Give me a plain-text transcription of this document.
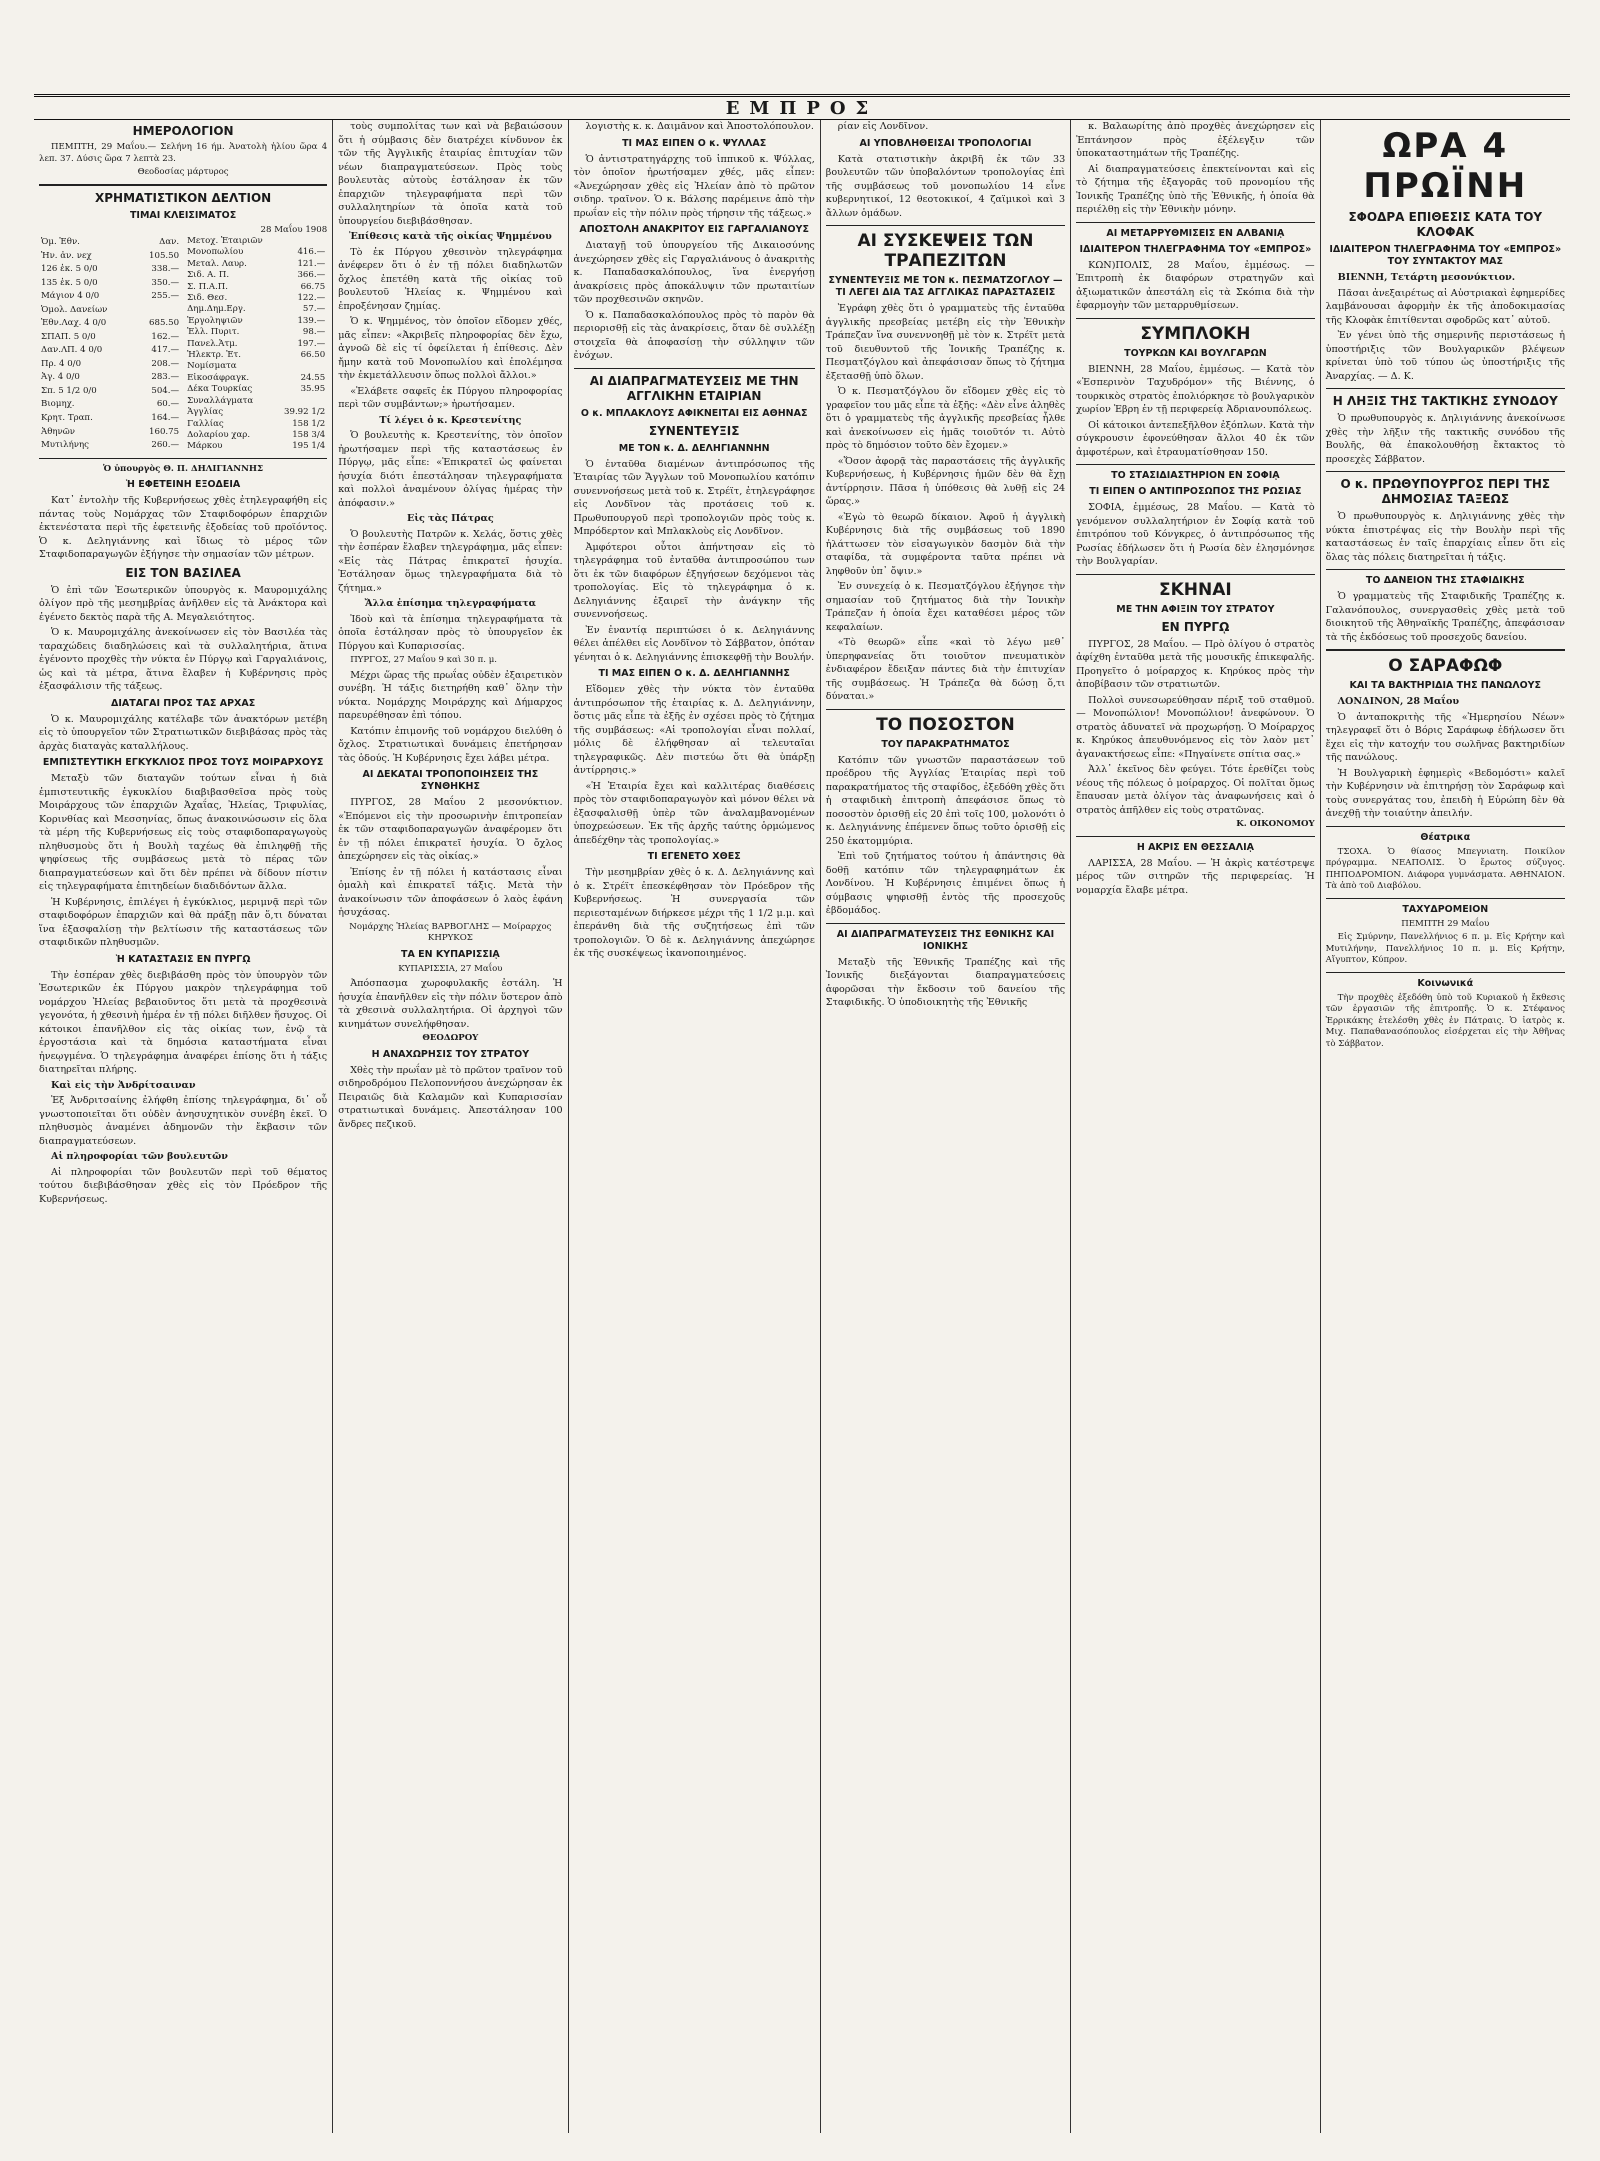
ΕΜΠΡΟΣ
ΗΜΕΡΟΛΟΓΙΟΝ

ΠΕΜΠΤΗ, 29 Μαΐου.— Σελήνη 16 ήμ. Ἀνατολὴ ἡλίου ὥρα 4 λεπ. 37. Δύσις ὥρα 7 λεπτὰ 23.

Θεοδοσίας μάρτυρος

ΧΡΗΜΑΤΙΣΤΙΚΟΝ ΔΕΛΤΙΟΝ
ΤΙΜΑΙ ΚΛΕΙΣΙΜΑΤΟΣ
28 Μαΐου 1908
Ὁμ. Ἐθν.	Δαν.
Ἠν. ἀν. νεχ	105.50
126 ἐκ. 5 0/0	338.—
135 ἐκ. 5 0/0	350.—
Μάγιον 4 0/0	255.—
Ὁμολ. Δανείων	
Ἐθν.Λαχ. 4 0/0	685.50
ΣΠΑΠ. 5 0/0	162.—
Δαν.ΛΠ. 4 0/0	417.—
Πρ. 4 0/0	208.—
Ἀγ. 4 0/0	283.—
Σπ. 5 1/2 0/0	504.—
Βιομηχ.	60.—
Κρητ. Τραπ.	164.—
Ἀθηνῶν	160.75
Μυτιλήνης	260.—
Μετοχ. Ἑταιριῶν	
Μονοπωλίου	416.—
Μεταλ. Λαυρ.	121.—
Σιδ. Α. Π.	366.—
Σ. Π.Α.Π.	66.75
Σιδ. Θεσ.	122.—
Δημ.Δημ.Εργ.	57.—
Ἐργοληψιῶν	139.—
Ἐλλ. Πυριτ.	98.—
Πανελ.Ἀτμ.	197.—
Ἠλεκτρ. Ἐτ.	66.50
Νομίσματα	
Εἰκοσάφραγκ.	24.55
Δέκα Τουρκίας	35.95
Συναλλάγματα	
Ἀγγλίας	39.92 1/2
Γαλλίας	158 1/2
Δολαρίου χαρ.	158 3/4
Μάρκου	195 1/4

Ὁ ὑπουργὸς Θ. Π. ΔΗΛΙΓΙΑΝΝΗΣ

Ἡ ΕΦΕΤΕΙΝΗ ΕΞΟΔΕΙΑ

Κατ᾽ ἐντολὴν τῆς Κυβερνήσεως χθὲς ἐτηλεγραφήθη εἰς πάντας τοὺς Νομάρχας τῶν Σταφιδοφόρων ἐπαρχιῶν ἐκτενέστατα περὶ τῆς ἐφετεινῆς ἐξοδείας τοῦ προϊόντος. Ὁ κ. Δεληγιάννης καὶ ἴδιως τὸ μέρος τῶν Σταφιδοπαραγωγῶν ἐξήγησε τὴν σημασίαν τῶν μέτρων.

ΕΙΣ ΤΟΝ ΒΑΣΙΛΕΑ

Ὁ ἐπὶ τῶν Ἐσωτερικῶν ὑπουργὸς κ. Μαυρομιχάλης ὀλίγον πρὸ τῆς μεσημβρίας ἀνῆλθεν εἰς τὰ Ἀνάκτορα καὶ ἐγένετο δεκτὸς παρὰ τῆς Α. Μεγαλειότητος.

Ὁ κ. Μαυρομιχάλης ἀνεκοίνωσεν εἰς τὸν Βασιλέα τὰς ταραχώδεις διαδηλώσεις καὶ τὰ συλλαλητήρια, ἅτινα ἐγένοντο προχθὲς τὴν νύκτα ἐν Πύργῳ καὶ Γαργαλιάνοις, ὡς καὶ τὰ μέτρα, ἅτινα ἔλαβεν ἡ Κυβέρνησις πρὸς ἐξασφάλισιν τῆς τάξεως.

ΔΙΑΤΑΓΑΙ ΠΡΟΣ ΤΑΣ ΑΡΧΑΣ

Ὁ κ. Μαυρομιχάλης κατέλαβε τῶν ἀνακτόρων μετέβη εἰς τὸ ὑπουργεῖον τῶν Στρατιωτικῶν διεβιβάσας πρὸς τὰς ἀρχὰς διαταγὰς καταλλήλους.

ΕΜΠΙΣΤΕΥΤΙΚΗ ΕΓΚΥΚΛΙΟΣ ΠΡΟΣ ΤΟΥΣ ΜΟΙΡΑΡΧΟΥΣ

Μεταξὺ τῶν διαταγῶν τούτων εἶναι ἡ διὰ ἐμπιστευτικῆς ἐγκυκλίου διαβιβασθεῖσα πρὸς τοὺς Μοιράρχους τῶν ἐπαρχιῶν Ἀχαΐας, Ἠλείας, Τριφυλίας, Κορινθίας καὶ Μεσσηνίας, ὅπως ἀνακοινώσωσιν εἰς ὅλα τὰ μέρη τῆς Κυβερνήσεως εἰς τοὺς σταφιδοπαραγωγοὺς πληθυσμοὺς ὅτι ἡ Βουλὴ ταχέως θὰ ἐπιληφθῇ τῆς ψηφίσεως τῆς συμβάσεως μετὰ τὸ πέρας τῶν διαπραγματεύσεων καὶ ὅτι δὲν πρέπει νὰ δίδουν πίστιν εἰς τηλεγραφήματα ἐπιτηδείων διαδιδόντων ἄλλα.

Ἡ Κυβέρνησις, ἐπιλέγει ἡ ἐγκύκλιος, μεριμνᾷ περὶ τῶν σταφιδοφόρων ἐπαρχιῶν καὶ θὰ πράξῃ πᾶν ὅ,τι δύναται ἵνα ἐξασφαλίσῃ τὴν βελτίωσιν τῆς καταστάσεως τῶν σταφιδικῶν πληθυσμῶν.

Ἡ ΚΑΤΑΣΤΑΣΙΣ ΕΝ ΠΥΡΓῼ

Τὴν ἑσπέραν χθὲς διεβιβάσθη πρὸς τὸν ὑπουργὸν τῶν Ἐσωτερικῶν ἐκ Πύργου μακρὸν τηλεγράφημα τοῦ νομάρχου Ἠλείας βεβαιοῦντος ὅτι μετὰ τὰ προχθεσινὰ γεγονότα, ἡ χθεσινὴ ἡμέρα ἐν τῇ πόλει διῆλθεν ἥσυχος. Οἱ κάτοικοι ἐπανῆλθον εἰς τὰς οἰκίας των, ἐνῷ τὰ ἐργοστάσια καὶ τὰ δημόσια καταστήματα εἶναι ἠνεῳγμένα. Ὁ τηλεγράφημα ἀναφέρει ἐπίσης ὅτι ἡ τάξις διατηρεῖται πλήρης.

Καὶ εἰς τὴν Ἀνδρίτσαιναν

Ἐξ Ἀνδριτσαίνης ἐλήφθη ἐπίσης τηλεγράφημα, δι᾽ οὗ γνωστοποιεῖται ὅτι οὐδὲν ἀνησυχητικὸν συνέβη ἐκεῖ. Ὁ πληθυσμὸς ἀναμένει ἀδημονῶν τὴν ἔκβασιν τῶν διαπραγματεύσεων.

Αἱ πληροφορίαι τῶν βουλευτῶν

Αἱ πληροφορίαι τῶν βουλευτῶν περὶ τοῦ θέματος τούτου διεβιβάσθησαν χθὲς εἰς τὸν Πρόεδρον τῆς Κυβερνήσεως.

τοὺς συμπολίτας των καὶ νὰ βεβαιώσουν ὅτι ἡ σύμβασις δὲν διατρέχει κίνδυνον ἐκ τῶν τῆς Ἀγγλικῆς ἑταιρίας ἐπιτυχίαν τῶν νέων διαπραγματεύσεων. Πρὸς τοὺς βουλευτὰς αὐτοὺς ἐστάλησαν ἐκ τῶν ἐπαρχιῶν τηλεγραφήματα περὶ τῶν συλλαλητηρίων τὰ ὁποῖα κατὰ τοῦ ὑπουργείου διεβιβάσθησαν.

Ἐπίθεσις κατὰ τῆς οἰκίας Ψημμένου

Τὸ ἐκ Πύργου χθεσινὸν τηλεγράφημα ἀνέφερεν ὅτι ὁ ἐν τῇ πόλει διαδηλωτῶν ὄχλος ἐπετέθη κατὰ τῆς οἰκίας τοῦ βουλευτοῦ Ἠλείας κ. Ψημμένου καὶ ἐπροξένησαν ζημίας.

Ὁ κ. Ψημμένος, τὸν ὁποῖον εἴδομεν χθές, μᾶς εἶπεν: «Ἀκριβεῖς πληροφορίας δὲν ἔχω, ἀγνοῶ δὲ εἰς τί ὀφείλεται ἡ ἐπίθεσις. Δὲν ἤμην κατὰ τοῦ Μονοπωλίου καὶ ἐπολέμησα τὴν ἐκμετάλλευσιν ὅπως πολλοὶ ἄλλοι.»

«Ἐλάβετε σαφεῖς ἐκ Πύργου πληροφορίας περὶ τῶν συμβάντων;» ἠρωτήσαμεν.

Τί λέγει ὁ κ. Κρεστενίτης

Ὁ βουλευτὴς κ. Κρεστενίτης, τὸν ὁποῖον ἠρωτήσαμεν περὶ τῆς καταστάσεως ἐν Πύργῳ, μᾶς εἶπε: «Ἐπικρατεῖ ὡς φαίνεται ἡσυχία διότι ἐπεστάλησαν τηλεγραφήματα καὶ πολλοὶ ἀναμένουν ὀλίγας ἡμέρας τὴν ἀπόφασιν.»

Εἰς τὰς Πάτρας

Ὁ βουλευτὴς Πατρῶν κ. Χελάς, ὅστις χθὲς τὴν ἑσπέραν ἔλαβεν τηλεγράφημα, μᾶς εἶπεν: «Εἰς τὰς Πάτρας ἐπικρατεῖ ἡσυχία. Ἐστάλησαν ὅμως τηλεγραφήματα διὰ τὸ ζήτημα.»

Ἄλλα ἐπίσημα τηλεγραφήματα

Ἰδοὺ καὶ τὰ ἐπίσημα τηλεγραφήματα τὰ ὁποῖα ἐστάλησαν πρὸς τὸ ὑπουργεῖον ἐκ Πύργου καὶ Κυπαρισσίας.

ΠΥΡΓΟΣ, 27 Μαΐου 9 καὶ 30 π. μ.

Μέχρι ὥρας τῆς πρωΐας οὐδὲν ἐξαιρετικὸν συνέβη. Ἡ τάξις διετηρήθη καθ᾽ ὅλην τὴν νύκτα. Νομάρχης Μοιράρχης καὶ Δήμαρχος παρευρέθησαν ἐπὶ τόπου.

Κατόπιν ἐπιμονῆς τοῦ νομάρχου διελύθη ὁ ὄχλος. Στρατιωτικαὶ δυνάμεις ἐπετήρησαν τὰς ὁδούς. Ἡ Κυβέρνησις ἔχει λάβει μέτρα.

ΑΙ ΔΕΚΑΤΑΙ ΤΡΟΠΟΠΟΙΗΣΕΙΣ ΤΗΣ ΣΥΝΘΗΚΗΣ

ΠΥΡΓΟΣ, 28 Μαΐου 2 μεσονύκτιον. «Ἐπόμενοι εἰς τὴν προσωρινὴν ἐπιτροπείαν ἐκ τῶν σταφιδοπαραγωγῶν ἀναφέρομεν ὅτι ἐν τῇ πόλει ἐπικρατεῖ ἡσυχία. Ὁ ὄχλος ἀπεχώρησεν εἰς τὰς οἰκίας.»

Ἐπίσης ἐν τῇ πόλει ἡ κατάστασις εἶναι ὁμαλὴ καὶ ἐπικρατεῖ τάξις. Μετὰ τὴν ἀνακοίνωσιν τῶν ἀποφάσεων ὁ λαὸς ἐφάνη ἡσυχάσας.

Νομάρχης Ἠλείας ΒΑΡΒΟΓΛΗΣ — Μοίραρχος ΚΗΡΥΚΟΣ

ΤΑ ΕΝ ΚΥΠΑΡΙΣΣΙᾼ

ΚΥΠΑΡΙΣΣΙΑ, 27 Μαΐου

Ἀπόσπασμα χωροφυλακῆς ἐστάλη. Ἡ ἡσυχία ἐπανῆλθεν εἰς τὴν πόλιν ὕστερον ἀπὸ τὰ χθεσινὰ συλλαλητήρια. Οἱ ἀρχηγοὶ τῶν κινημάτων συνελήφθησαν.

ΘΕΟΔΩΡΟΥ

Η ΑΝΑΧΩΡΗΣΙΣ ΤΟΥ ΣΤΡΑΤΟΥ

Χθὲς τὴν πρωΐαν μὲ τὸ πρῶτον τραῖνον τοῦ σιδηροδρόμου Πελοποννήσου ἀνεχώρησαν ἐκ Πειραιῶς διὰ Καλαμῶν καὶ Κυπαρισσίαν στρατιωτικαὶ δυνάμεις. Ἀπεστάλησαν 100 ἄνδρες πεζικοῦ.

λογιστὴς κ. κ. Δαιμᾶνον καὶ Ἀποστολόπουλον.

ΤΙ ΜΑΣ ΕΙΠΕΝ Ο κ. ΨΥΛΛΑΣ

Ὁ ἀντιστρατηγάρχης τοῦ ἱππικοῦ κ. Ψύλλας, τὸν ὁποῖον ἠρωτήσαμεν χθές, μᾶς εἶπεν: «Ἀνεχώρησαν χθὲς εἰς Ἠλείαν ἀπὸ τὸ πρῶτον σιδηρ. τραῖνον. Ὁ κ. Βάλσης παρέμεινε ἀπὸ τὴν πρωΐαν εἰς τὴν πόλιν πρὸς τήρησιν τῆς τάξεως.»

ΑΠΟΣΤΟΛΗ ΑΝΑΚΡΙΤΟΥ ΕΙΣ ΓΑΡΓΑΛΙΑΝΟΥΣ

Διαταγῇ τοῦ ὑπουργείου τῆς Δικαιοσύνης ἀνεχώρησεν χθὲς εἰς Γαργαλιάνους ὁ ἀνακριτὴς κ. Παπαδασκαλόπουλος, ἵνα ἐνεργήσῃ ἀνακρίσεις πρὸς ἀποκάλυψιν τῶν πρωταιτίων τῶν προχθεσινῶν σκηνῶν.

Ὁ κ. Παπαδασκαλόπουλος πρὸς τὸ παρὸν θὰ περιορισθῇ εἰς τὰς ἀνακρίσεις, ὅταν δὲ συλλέξῃ στοιχεῖα θὰ ἀποφασίσῃ τὴν σύλληψιν τῶν ἐνόχων.

ΑΙ ΔΙΑΠΡΑΓΜΑΤΕΥΣΕΙΣ ΜΕ ΤΗΝ ΑΓΓΛΙΚΗΝ ΕΤΑΙΡΙΑΝ
Ο κ. ΜΠΛΑΚΛΟΥΣ ΑΦΙΚΝΕΙΤΑΙ ΕΙΣ ΑΘΗΝΑΣ
ΣΥΝΕΝΤΕΥΞΙΣ
ΜΕ ΤΟΝ κ. Δ. ΔΕΛΗΓΙΑΝΝΗΝ

Ὁ ἐνταῦθα διαμένων ἀντιπρόσωπος τῆς Ἑταιρίας τῶν Ἄγγλων τοῦ Μονοπωλίου κατόπιν συνεννοήσεως μετὰ τοῦ κ. Στρέϊτ, ἐτηλεγράφησε εἰς Λονδῖνον τὰς προτάσεις τοῦ κ. Πρωθυπουργοῦ περὶ τροπολογιῶν πρὸς τοὺς κ. Μπρόδερτον καὶ Μπλακλοὺς εἰς Λονδῖνον.

Ἀμφότεροι οὗτοι ἀπήντησαν εἰς τὸ τηλεγράφημα τοῦ ἐνταῦθα ἀντιπροσώπου των ὅτι ἐκ τῶν διαφόρων ἐξηγήσεων δεχόμενοι τὰς τροπολογίας. Εἰς τὸ τηλεγράφημα ὁ κ. Δεληγιάννης ἐξαιρεῖ τὴν ἀνάγκην τῆς συνεννοήσεως.

Ἐν ἐναντίᾳ περιπτώσει ὁ κ. Δεληγιάννης θέλει ἀπέλθει εἰς Λονδῖνον τὸ Σάββατον, ὁπόταν γένηται ὁ κ. Δεληγιάννης ἐπισκεφθῇ τὴν Βουλήν.

ΤΙ ΜΑΣ ΕΙΠΕΝ Ο κ. Δ. ΔΕΛΗΓΙΑΝΝΗΣ

Εἴδομεν χθὲς τὴν νύκτα τὸν ἐνταῦθα ἀντιπρόσωπον τῆς ἑταιρίας κ. Δ. Δεληγιάννην, ὅστις μᾶς εἶπε τὰ ἐξῆς ἐν σχέσει πρὸς τὸ ζήτημα τῆς συμβάσεως: «Αἱ τροπολογίαι εἶναι πολλαί, μόλις δὲ ἐλήφθησαν αἱ τελευταῖαι τηλεγραφικῶς. Δὲν πιστεύω ὅτι θὰ ὑπάρξῃ ἀντίρρησις.»

«Ἡ Ἑταιρία ἔχει καὶ καλλιτέρας διαθέσεις πρὸς τὸν σταφιδοπαραγωγὸν καὶ μόνον θέλει νὰ ἐξασφαλισθῇ ὑπὲρ τῶν ἀναλαμβανομένων ὑποχρεώσεων. Ἐκ τῆς ἀρχῆς ταύτης ὁρμώμενος ἀπεδέχθην τὰς τροπολογίας.»

ΤΙ ΕΓΕΝΕΤΟ ΧΘΕΣ

Τὴν μεσημβρίαν χθὲς ὁ κ. Δ. Δεληγιάννης καὶ ὁ κ. Στρέϊτ ἐπεσκέφθησαν τὸν Πρόεδρον τῆς Κυβερνήσεως. Ἡ συνεργασία τῶν περιεσταμένων διήρκεσε μέχρι τῆς 1 1/2 μ.μ. καὶ ἐπεράνθη διὰ τῆς συζητήσεως ἐπὶ τῶν τροπολογιῶν. Ὁ δὲ κ. Δεληγιάννης ἀπεχώρησε ἐκ τῆς συσκέψεως ἱκανοποιημένος.

ρίαν εἰς Λονδῖνον.

ΑΙ ΥΠΟΒΛΗΘΕΙΣΑΙ ΤΡΟΠΟΛΟΓΙΑΙ

Κατὰ στατιστικὴν ἀκριβῆ ἐκ τῶν 33 βουλευτῶν τῶν ὑποβαλόντων τροπολογίας ἐπὶ τῆς συμβάσεως τοῦ μονοπωλίου 14 εἶνε κυβερνητικοί, 12 θεοτοκικοί, 4 ζαϊμικοὶ καὶ 3 ἄλλων ὁμάδων.

ΑΙ ΣΥΣΚΕΨΕΙΣ ΤΩΝ ΤΡΑΠΕΖΙΤΩΝ
ΣΥΝΕΝΤΕΥΞΙΣ ΜΕ ΤΟΝ κ. ΠΕΣΜΑΤΖΟΓΛΟΥ — ΤΙ ΛΕΓΕΙ ΔΙΑ ΤΑΣ ΑΓΓΛΙΚΑΣ ΠΑΡΑΣΤΑΣΕΙΣ

Ἐγράφη χθὲς ὅτι ὁ γραμματεὺς τῆς ἐνταῦθα ἀγγλικῆς πρεσβείας μετέβη εἰς τὴν Ἐθνικὴν Τράπεζαν ἵνα συνεννοηθῇ μὲ τὸν κ. Στρέϊτ μετὰ τοῦ διευθυντοῦ τῆς Ἰονικῆς Τραπέζης κ. Πεσματζόγλου καὶ ἀπεφάσισαν ὅπως τὸ ζήτημα ἐξετασθῇ ὑπὸ ὅλων.

Ὁ κ. Πεσματζόγλου ὅν εἴδομεν χθὲς εἰς τὸ γραφεῖον του μᾶς εἶπε τὰ ἑξῆς: «Δὲν εἶνε ἀληθὲς ὅτι ὁ γραμματεὺς τῆς ἀγγλικῆς πρεσβείας ἦλθε καὶ ἀνεκοίνωσεν εἰς ἡμᾶς τοιοῦτόν τι. Αὐτὸ πρὸς τὸ δημόσιον τοῦτο δὲν ἔχομεν.»

«Ὅσον ἀφορᾷ τὰς παραστάσεις τῆς ἀγγλικῆς Κυβερνήσεως, ἡ Κυβέρνησις ἡμῶν δὲν θὰ ἔχῃ ἀντίρρησιν. Πᾶσα ἡ ὑπόθεσις θὰ λυθῇ εἰς 24 ὥρας.»

«Ἐγὼ τὸ θεωρῶ δίκαιον. Ἀφοῦ ἡ ἀγγλικὴ Κυβέρνησις διὰ τῆς συμβάσεως τοῦ 1890 ἠλάττωσεν τὸν εἰσαγωγικὸν δασμὸν διὰ τὴν σταφίδα, τὰ συμφέροντα ταῦτα πρέπει νὰ ληφθοῦν ὑπ᾽ ὄψιν.»

Ἐν συνεχείᾳ ὁ κ. Πεσματζόγλου ἐξήγησε τὴν σημασίαν τοῦ ζητήματος διὰ τὴν Ἰονικὴν Τράπεζαν ἡ ὁποία ἔχει καταθέσει μέρος τῶν κεφαλαίων.

«Τὸ θεωρῶ» εἶπε «καὶ τὸ λέγω μεθ᾽ ὑπερηφανείας ὅτι τοιοῦτον πνευματικὸν ἐνδιαφέρον ἔδειξαν πάντες διὰ τὴν ἐπιτυχίαν τῆς συμβάσεως. Ἡ Τράπεζα θὰ δώσῃ ὅ,τι δύναται.»

ΤΟ ΠΟΣΟΣΤΟΝ
ΤΟΥ ΠΑΡΑΚΡΑΤΗΜΑΤΟΣ

Κατόπιν τῶν γνωστῶν παραστάσεων τοῦ προέδρου τῆς Ἀγγλίας Ἑταιρίας περὶ τοῦ παρακρατήματος τῆς σταφίδος, ἐξεδόθη χθὲς ὅτι ἡ σταφιδικὴ ἐπιτροπὴ ἀπεφάσισε ὅπως τὸ ποσοστὸν ὁρισθῇ εἰς 20 ἐπὶ τοῖς 100, μολονότι ὁ κ. Δεληγιάννης ἐπέμενεν ὅπως τοῦτο ὁρισθῇ εἰς 250 ἑκατομμύρια.

Ἐπὶ τοῦ ζητήματος τούτου ἡ ἀπάντησις θὰ δοθῇ κατόπιν τῶν τηλεγραφημάτων ἐκ Λονδίνου. Ἡ Κυβέρνησις ἐπιμένει ὅπως ἡ σύμβασις ψηφισθῇ ἐντὸς τῆς προσεχοῦς ἑβδομάδος.

ΑΙ ΔΙΑΠΡΑΓΜΑΤΕΥΣΕΙΣ ΤΗΣ ΕΘΝΙΚΗΣ ΚΑΙ ΙΟΝΙΚΗΣ

Μεταξὺ τῆς Ἐθνικῆς Τραπέζης καὶ τῆς Ἰονικῆς διεξάγονται διαπραγματεύσεις ἀφορῶσαι τὴν ἔκδοσιν τοῦ δανείου τῆς Σταφιδικῆς. Ὁ ὑποδιοικητὴς τῆς Ἐθνικῆς

κ. Βαλαωρίτης ἀπὸ προχθὲς ἀνεχώρησεν εἰς Ἐπτάνησον πρὸς ἐξέλεγξιν τῶν ὑποκαταστημάτων τῆς Τραπέζης.

Αἱ διαπραγματεύσεις ἐπεκτείνονται καὶ εἰς τὸ ζήτημα τῆς ἐξαγορᾶς τοῦ προνομίου τῆς Ἰονικῆς Τραπέζης ὑπὸ τῆς Ἐθνικῆς, ἡ ὁποία θὰ περιέλθῃ εἰς τὴν Ἐθνικὴν μόνην.

ΑΙ ΜΕΤΑΡΡΥΘΜΙΣΕΙΣ ΕΝ ΑΛΒΑΝΙᾼ
ΙΔΙΑΙΤΕΡΟΝ ΤΗΛΕΓΡΑΦΗΜΑ ΤΟΥ «ΕΜΠΡΟΣ»

ΚΩΝ)ΠΟΛΙΣ, 28 Μαΐου, ἐμμέσως. — Ἐπιτροπὴ ἐκ διαφόρων στρατηγῶν καὶ ἀξιωματικῶν ἀπεστάλη εἰς τὰ Σκόπια διὰ τὴν ἐφαρμογὴν τῶν μεταρρυθμίσεων.

ΣΥΜΠΛΟΚΗ
ΤΟΥΡΚΩΝ ΚΑΙ ΒΟΥΛΓΑΡΩΝ

ΒΙΕΝΝΗ, 28 Μαΐου, ἐμμέσως. — Κατὰ τὸν «Ἑσπερινὸν Ταχυδρόμον» τῆς Βιέννης, ὁ τουρκικὸς στρατὸς ἐπολιόρκησε τὸ βουλγαρικὸν χωρίον Ἐβρη ἐν τῇ περιφερείᾳ Ἀδριανουπόλεως.

Οἱ κάτοικοι ἀντεπεξῆλθον ἐξόπλων. Κατὰ τὴν σύγκρουσιν ἐφονεύθησαν ἄλλοι 40 ἐκ τῶν ἀμφοτέρων, καὶ ἐτραυματίσθησαν 150.

ΤΟ ΣΤΑΣΙΔΙΑΣΤΗΡΙΟΝ ΕΝ ΣΟΦΙᾼ
ΤΙ ΕΙΠΕΝ Ο ΑΝΤΙΠΡΟΣΩΠΟΣ ΤΗΣ ΡΩΣΙΑΣ

ΣΟΦΙΑ, ἐμμέσως, 28 Μαΐου. — Κατὰ τὸ γενόμενον συλλαλητήριον ἐν Σοφίᾳ κατὰ τοῦ ἐπιτρόπου τοῦ Κόνγκρες, ὁ ἀντιπρόσωπος τῆς Ρωσίας ἐδήλωσεν ὅτι ἡ Ρωσία δὲν ἐλησμόνησε τὴν Βουλγαρίαν.

ΣΚΗΝΑΙ
ΜΕ ΤΗΝ ΑΦΙΞΙΝ ΤΟΥ ΣΤΡΑΤΟΥ
ΕΝ ΠΥΡΓῼ

ΠΥΡΓΟΣ, 28 Μαΐου. — Πρὸ ὀλίγου ὁ στρατὸς ἀφίχθη ἐνταῦθα μετὰ τῆς μουσικῆς ἐπικεφαλῆς. Προηγεῖτο ὁ μοίραρχος κ. Κηρύκος πρὸς τὴν ἀποβίβασιν τῶν στρατιωτῶν.

Πολλοὶ συνεσωρεύθησαν πέριξ τοῦ σταθμοῦ. — Μονοπώλιον! Μονοπώλιον! ἀνεφώνουν. Ὁ στρατὸς ἀδυνατεῖ νὰ προχωρήσῃ. Ὁ Μοίραρχος κ. Κηρύκος ἀπευθυνόμενος εἰς τὸν λαὸν μετ᾽ ἀγανακτήσεως εἶπε: «Πηγαίνετε σπίτια σας.»

Ἀλλ᾽ ἐκεῖνος δὲν φεύγει. Τότε ἐρεθίζει τοὺς νέους τῆς πόλεως ὁ μοίραρχος. Οἱ πολῖται ὅμως ἔπαυσαν μετὰ ὀλίγον τὰς ἀναφωνήσεις καὶ ὁ στρατὸς ἀπῆλθεν εἰς τοὺς στρατῶνας.

Κ. ΟΙΚΟΝΟΜΟΥ

Η ΑΚΡΙΣ ΕΝ ΘΕΣΣΑΛΙᾼ

ΛΑΡΙΣΣΑ, 28 Μαΐου. — Ἡ ἀκρὶς κατέστρεψε μέρος τῶν σιτηρῶν τῆς περιφερείας. Ἡ νομαρχία ἔλαβε μέτρα.

ΩΡΑ 4 ΠΡΩΪΝΗ
ΣΦΟΔΡΑ ΕΠΙΘΕΣΙΣ ΚΑΤΑ ΤΟΥ ΚΛΟΦΑΚ
ΙΔΙΑΙΤΕΡΟΝ ΤΗΛΕΓΡΑΦΗΜΑ ΤΟΥ «ΕΜΠΡΟΣ» ΤΟΥ ΣΥΝΤΑΚΤΟΥ ΜΑΣ

ΒΙΕΝΝΗ, Τετάρτη μεσονύκτιον.

Πᾶσαι ἀνεξαιρέτως αἱ Αὐστριακαὶ ἐφημερίδες λαμβάνουσαι ἀφορμὴν ἐκ τῆς ἀποδοκιμασίας τῆς Κλοφὰκ ἐπιτίθενται σφοδρῶς κατ᾽ αὐτοῦ.

Ἐν γένει ὑπὸ τῆς σημερινῆς περιστάσεως ἡ ὑποστήριξις τῶν Βουλγαρικῶν βλέψεων κρίνεται ὑπὸ τοῦ τύπου ὡς ὑποστήριξις τῆς Ἀναρχίας. — Δ. Κ.

Η ΛΗΞΙΣ ΤΗΣ ΤΑΚΤΙΚΗΣ ΣΥΝΟΔΟΥ

Ὁ πρωθυπουργὸς κ. Δηλιγιάννης ἀνεκοίνωσε χθὲς τὴν λῆξιν τῆς τακτικῆς συνόδου τῆς Βουλῆς, θὰ ἐπακολουθήσῃ ἔκτακτος τὸ προσεχὲς Σάββατον.

Ο κ. ΠΡΩΘΥΠΟΥΡΓΟΣ ΠΕΡΙ ΤΗΣ ΔΗΜΟΣΙΑΣ ΤΑΞΕΩΣ

Ὁ πρωθυπουργὸς κ. Δηλιγιάννης χθὲς τὴν νύκτα ἐπιστρέψας εἰς τὴν Βουλὴν περὶ τῆς καταστάσεως ἐν ταῖς ἐπαρχίαις εἶπεν ὅτι εἰς ὅλας τὰς πόλεις διατηρεῖται ἡ τάξις.

ΤΟ ΔΑΝΕΙΟΝ ΤΗΣ ΣΤΑΦΙΔΙΚΗΣ

Ὁ γραμματεὺς τῆς Σταφιδικῆς Τραπέζης κ. Γαλανόπουλος, συνεργασθεὶς χθὲς μετὰ τοῦ διοικητοῦ τῆς Ἀθηναϊκῆς Τραπέζης, ἀπεφάσισαν τὰ τῆς ἐκδόσεως τοῦ προσεχοῦς δανείου.

Ο ΣΑΡΑΦΩΦ
ΚΑΙ ΤΑ ΒΑΚΤΗΡΙΔΙΑ ΤΗΣ ΠΑΝΩΛΟΥΣ

ΛΟΝΔΙΝΟΝ, 28 Μαΐου

Ὁ ἀνταποκριτὴς τῆς «Ἡμερησίου Νέων» τηλεγραφεῖ ὅτι ὁ Βόρις Σαράφωφ ἐδήλωσεν ὅτι ἔχει εἰς τὴν κατοχήν του σωλῆνας βακτηριδίων τῆς πανώλους.

Ἡ Βουλγαρικὴ ἐφημερὶς «Βεδομόστι» καλεῖ τὴν Κυβέρνησιν νὰ ἐπιτηρήσῃ τὸν Σαράφωφ καὶ τοὺς συνεργάτας του, ἐπειδὴ ἡ Εὐρώπη δὲν θὰ ἀνεχθῇ τὴν τοιαύτην ἀπειλήν.

Θέατρικα

ΤΣΟΧΑ. Ὁ θίασος Μπεγνιατη. Ποικίλον πρόγραμμα. ΝΕΑΠΟΛΙΣ. Ὁ ἔρωτος σύζυγος. ΠΗΠΟΔΡΟΜΙΟΝ. Διάφορα γυμνάσματα. ΑΘΗΝΑΙΟΝ. Τὰ ἀπὸ τοῦ Διαβόλου.

ΤΑΧΥΔΡΟΜΕΙΟΝ

ΠΕΜΠΤΗ 29 Μαΐου

Εἰς Σμύρνην, Πανελλήνιος 6 π. μ. Εἰς Κρήτην καὶ Μυτιλήνην, Πανελλήνιος 10 π. μ. Εἰς Κρήτην, Αἴγυπτον, Κύπρον.

Κοινωνικά

Τὴν προχθὲς ἐξεδόθη ὑπὸ τοῦ Κυριακοῦ ἡ ἔκθεσις τῶν ἐργασιῶν τῆς ἐπιτροπῆς. Ὁ κ. Στέφανος Ἐρρικάκης ἐτελέσθη χθὲς ἐν Πάτραις. Ὁ ἰατρὸς κ. Μιχ. Παπαθανασόπουλος εἰσέρχεται εἰς τὴν Ἀθῆνας τὸ Σάββατον.
